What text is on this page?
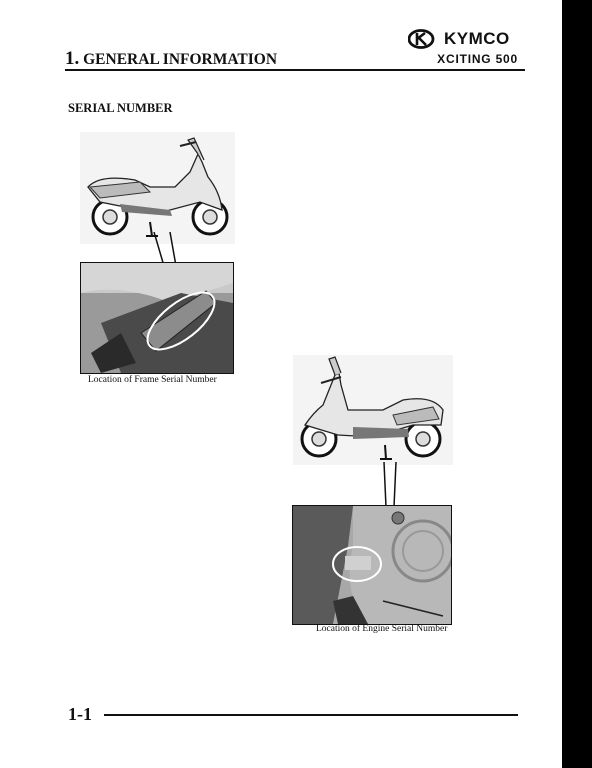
KYMCO
1. GENERAL INFORMATION	XCITING 500
SERIAL NUMBER
Location of Frame Serial Number
Location of Engine Serial Number
1-1
